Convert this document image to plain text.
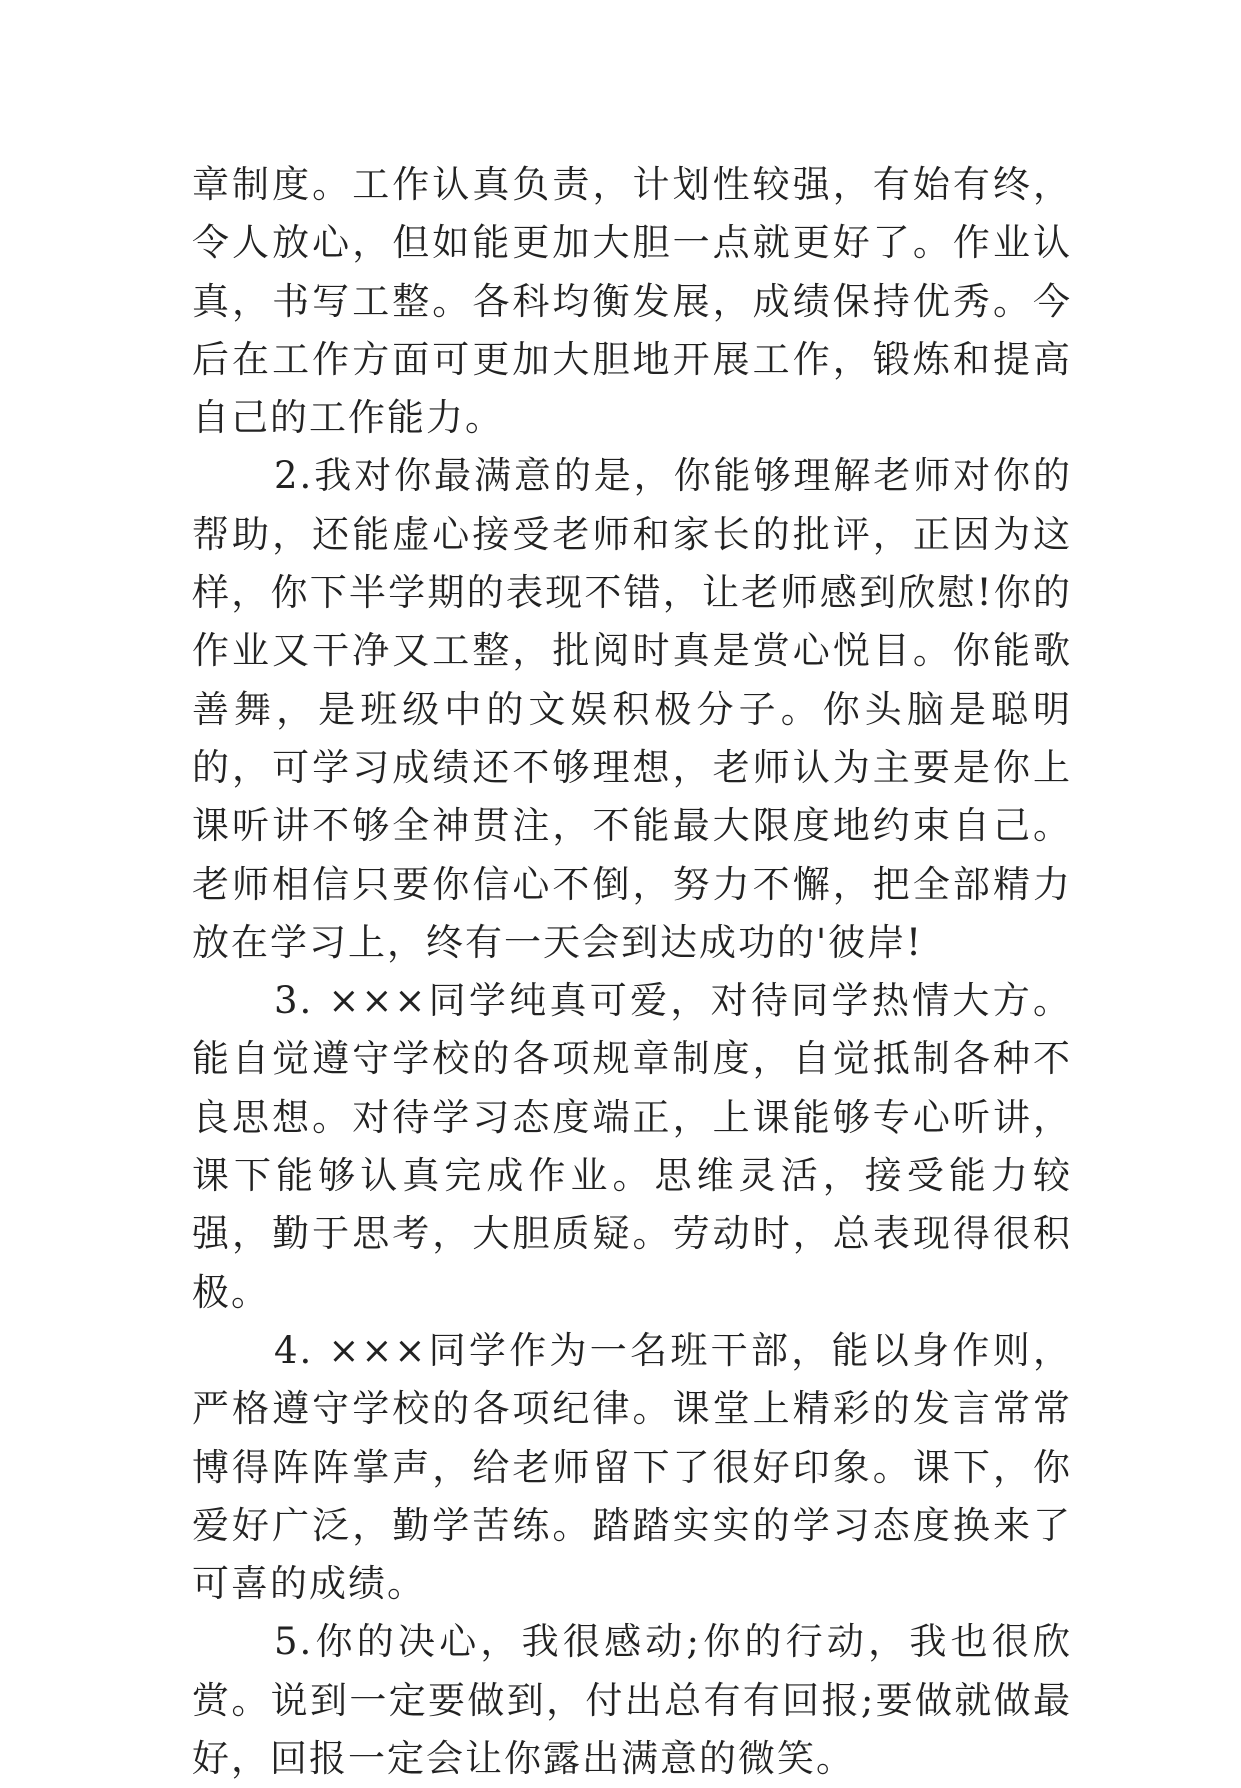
章制度。工作认真负责，计划性较强，有始有终，令人放心，但如能更加大胆一点就更好了。作业认真，书写工整。各科均衡发展，成绩保持优秀。今后在工作方面可更加大胆地开展工作，锻炼和提高自己的工作能力。

2.我对你最满意的是，你能够理解老师对你的帮助，还能虚心接受老师和家长的批评，正因为这样，你下半学期的表现不错，让老师感到欣慰!你的作业又干净又工整，批阅时真是赏心悦目。你能歌善舞，是班级中的文娱积极分子。你头脑是聪明的，可学习成绩还不够理想，老师认为主要是你上课听讲不够全神贯注，不能最大限度地约束自己。老师相信只要你信心不倒，努力不懈，把全部精力放在学习上，终有一天会到达成功的'彼岸!

3. ×××同学纯真可爱，对待同学热情大方。能自觉遵守学校的各项规章制度，自觉抵制各种不良思想。对待学习态度端正，上课能够专心听讲，课下能够认真完成作业。思维灵活，接受能力较强，勤于思考，大胆质疑。劳动时，总表现得很积极。

4. ×××同学作为一名班干部，能以身作则，严格遵守学校的各项纪律。课堂上精彩的发言常常博得阵阵掌声，给老师留下了很好印象。课下，你爱好广泛，勤学苦练。踏踏实实的学习态度换来了可喜的成绩。

5.你的决心，我很感动;你的行动，我也很欣赏。说到一定要做到，付出总有有回报;要做就做最好，回报一定会让你露出满意的微笑。
